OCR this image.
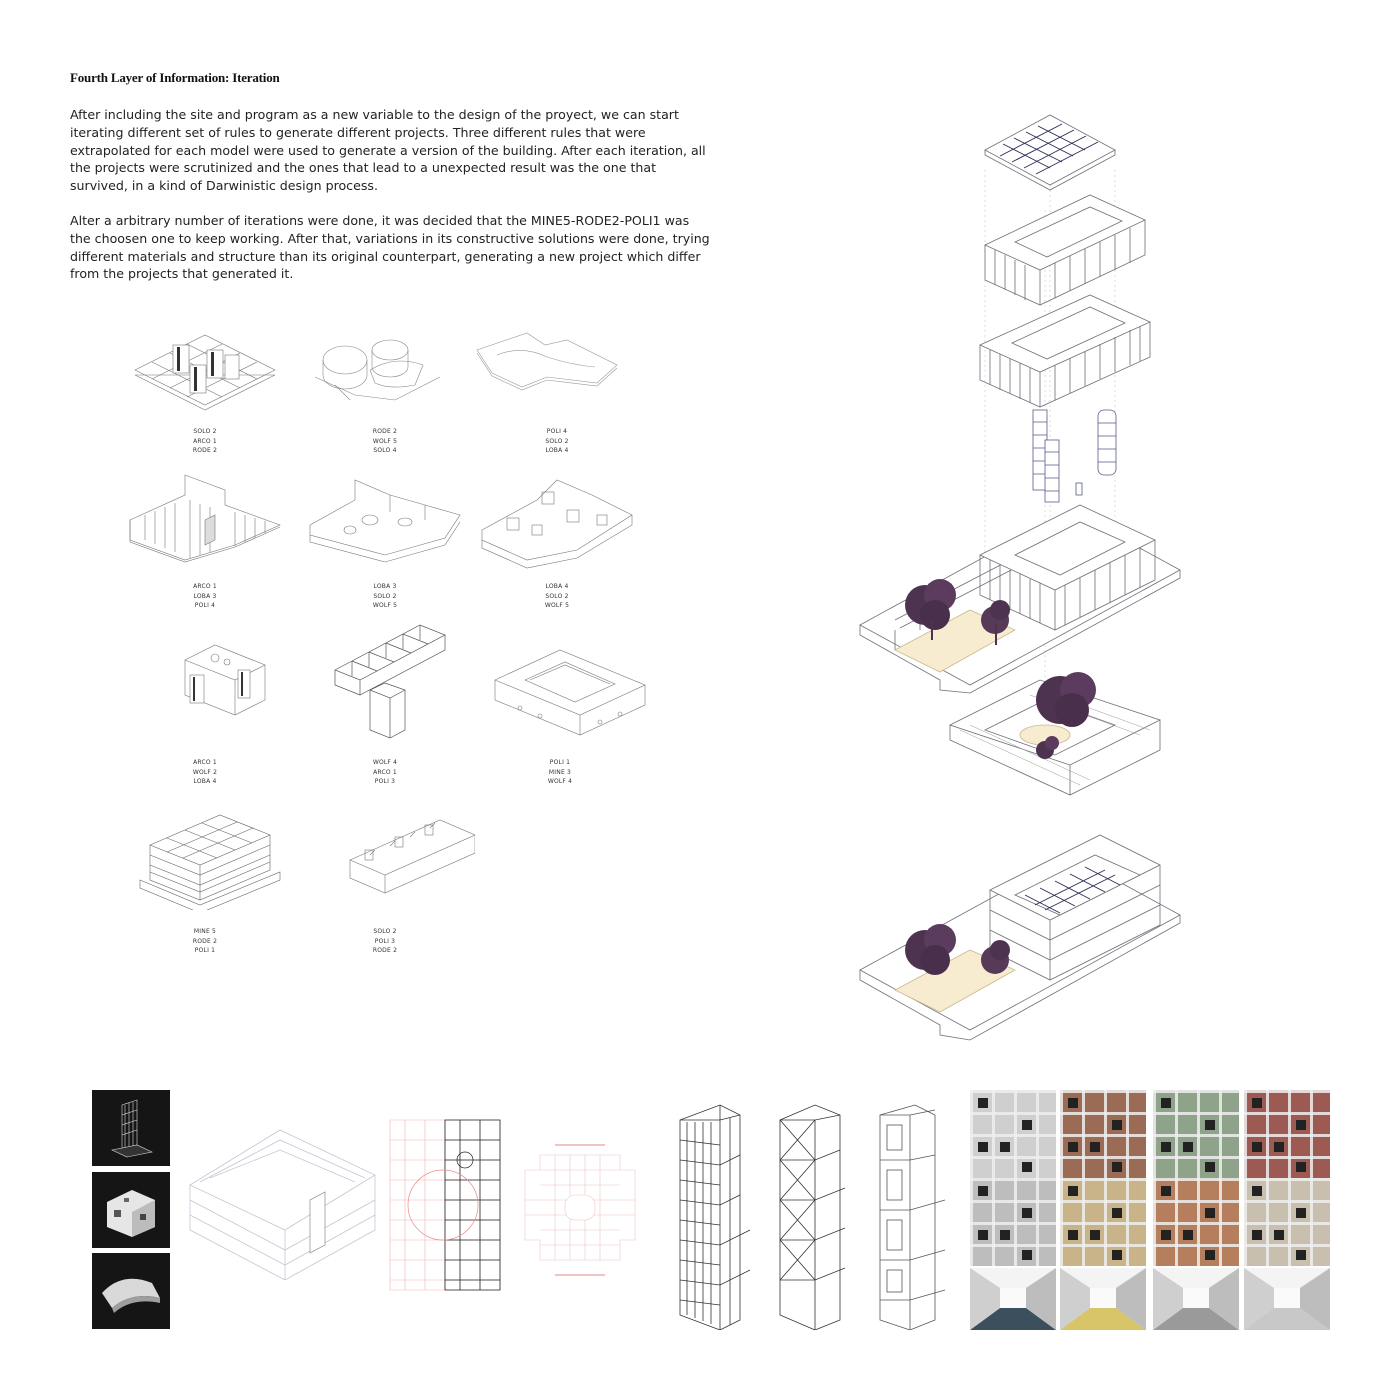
Fourth Layer of Information: Iteration
After including the site and program as a new variable to the design of the proyect, we can start iterating different set of rules to generate different projects. Three different rules that were extrapolated for each model were used to generate a version of the building. After each iteration, all the projects were scrutinized and the ones that lead to a unexpected result was the one that survived, in a kind of Darwinistic design process.
Alter a arbitrary number of iterations were done, it was decided that the MINE5-RODE2-POLI1 was the choosen one to keep working. After that, variations in its constructive solutions were done, trying different materials and structure than its original counterpart, generating a new project which differ from the projects that generated it.
SOLO 2
ARCO 1
RODE 2
RODE 2
WOLF 5
SOLO 4
POLI 4
SOLO 2
LOBA 4
ARCO 1
LOBA 3
POLI 4
LOBA 3
SOLO 2
WOLF 5
LOBA 4
SOLO 2
WOLF 5
ARCO 1
WOLF 2
LOBA 4
WOLF 4
ARCO 1
POLI 3
POLI 1
MINE 3
WOLF 4
MINE 5
RODE 2
POLI 1
SOLO 2
POLI 3
RODE 2
